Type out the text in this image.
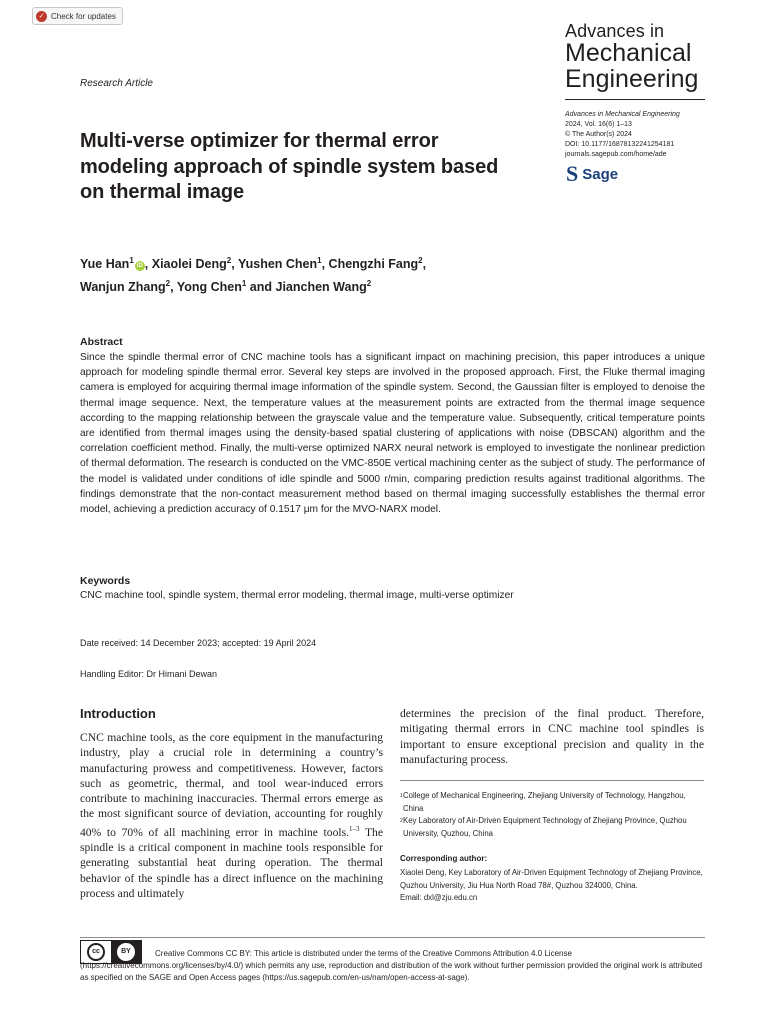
✓ Check for updates
Advances in
Mechanical
Engineering
Advances in Mechanical Engineering
2024, Vol. 16(6) 1–13
© The Author(s) 2024
DOI: 10.1177/16878132241254181
journals.sagepub.com/home/ade
S Sage
Research Article
Multi-verse optimizer for thermal error modeling approach of spindle system based on thermal image
Yue Han$^1$iD , Xiaolei Deng$^2$, Yushen Chen$^1$, Chengzhi Fang$^2$,
Wanjun Zhang$^2$, Yong Chen$^1$ and Jianchen Wang$^2$
Abstract
Since the spindle thermal error of CNC machine tools has a significant impact on machining precision, this paper introduces a unique approach for modeling spindle thermal error. Several key steps are involved in the proposed approach. First, the Fluke thermal imaging camera is employed for acquiring thermal image information of the spindle system. Second, the Gaussian filter is employed to denoise the thermal image sequence. Next, the temperature values at the measurement points are extracted from the thermal image sequence according to the mapping relationship between the grayscale value and the temperature value. Subsequently, critical temperature points are identified from thermal images using the density-based spatial clustering of applications with noise (DBSCAN) algorithm and the correlation coefficient method. Finally, the multi-verse optimized NARX neural network is employed to investigate the nonlinear prediction of thermal deformation. The research is conducted on the VMC-850E vertical machining center as the subject of study. The performance of the model is validated under conditions of idle spindle and 5000 r/min, comparing prediction results against traditional algorithms. The findings demonstrate that the non-contact measurement method based on thermal imaging successfully establishes the thermal error model, achieving a prediction accuracy of 0.1517 μm for the MVO-NARX model.
Keywords
CNC machine tool, spindle system, thermal error modeling, thermal image, multi-verse optimizer
Date received: 14 December 2023; accepted: 19 April 2024
Handling Editor: Dr Himani Dewan
Introduction
CNC machine tools, as the core equipment in the manufacturing industry, play a crucial role in determining a country’s manufacturing prowess and competitiveness. However, factors such as geometric, thermal, and tool wear-induced errors contribute to machining inaccuracies. Thermal errors emerge as the most significant source of deviation, accounting for roughly 40% to 70% of all machining error in machine tools.$^{1-3}$ The spindle is a critical component in machine tools responsible for generating substantial heat during operation. The thermal behavior of the spindle has a direct influence on the machining process and ultimately
determines the precision of the final product. Therefore, mitigating thermal errors in CNC machine tool spindles is important to ensure exceptional precision and quality in the manufacturing process.
1 College of Mechanical Engineering, Zhejiang University of Technology, Hangzhou, China
2 Key Laboratory of Air-Driven Equipment Technology of Zhejiang Province, Quzhou University, Quzhou, China
Corresponding author:
Xiaolei Deng, Key Laboratory of Air-Driven Equipment Technology of Zhejiang Province, Quzhou University, Jiu Hua North Road 78#, Quzhou 324000, China.
Email: dxl@zju.edu.cn
cc	BY	Creative Commons CC BY: This article is distributed under the terms of the Creative Commons Attribution 4.0 License (https://creativecommons.org/licenses/by/4.0/) which permits any use, reproduction and distribution of the work without further permission provided the original work is attributed as specified on the SAGE and Open Access pages (https://us.sagepub.com/en-us/nam/open-access-at-sage).
